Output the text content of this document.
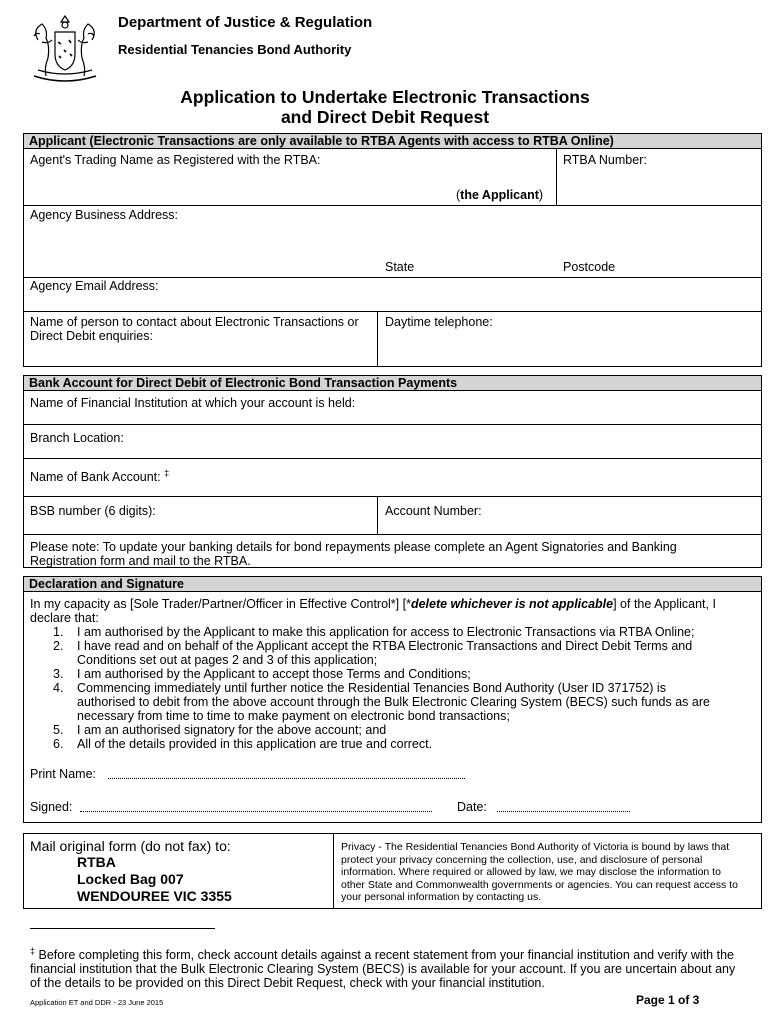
Department of Justice & Regulation
Residential Tenancies Bond Authority
Application to Undertake Electronic Transactions
and Direct Debit Request
Applicant (Electronic Transactions are only available to RTBA Agents with access to RTBA Online)
Agent's Trading Name as Registered with the RTBA:	RTBA Number:
(the Applicant)
Agency Business Address:
State	Postcode
Agency Email Address:
Name of person to contact about Electronic Transactions or Direct Debit enquiries:
Daytime telephone:
Bank Account for Direct Debit of Electronic Bond Transaction Payments
Name of Financial Institution at which your account is held:
Branch Location:
Name of Bank Account: ‡
BSB number (6 digits):	Account Number:
Please note: To update your banking details for bond repayments please complete an Agent Signatories and Banking Registration form and mail to the RTBA.
Declaration and Signature
In my capacity as [Sole Trader/Partner/Officer in Effective Control*] [*delete whichever is not applicable] of the Applicant, I declare that:
1. I am authorised by the Applicant to make this application for access to Electronic Transactions via RTBA Online;
2. I have read and on behalf of the Applicant accept the RTBA Electronic Transactions and Direct Debit Terms and Conditions set out at pages 2 and 3 of this application;
3. I am authorised by the Applicant to accept those Terms and Conditions;
4. Commencing immediately until further notice the Residential Tenancies Bond Authority (User ID 371752) is authorised to debit from the above account through the Bulk Electronic Clearing System (BECS) such funds as are necessary from time to time to make payment on electronic bond transactions;
5. I am an authorised signatory for the above account; and
6. All of the details provided in this application are true and correct.
Print Name:
Signed:	Date:
Mail original form (do not fax) to:
RTBA
Locked Bag 007
WENDOUREE VIC 3355
Privacy - The Residential Tenancies Bond Authority of Victoria is bound by laws that protect your privacy concerning the collection, use, and disclosure of personal information. Where required or allowed by law, we may disclose the information to other State and Commonwealth governments or agencies. You can request access to your personal information by contacting us.
‡ Before completing this form, check account details against a recent statement from your financial institution and verify with the financial institution that the Bulk Electronic Clearing System (BECS) is available for your account. If you are uncertain about any of the details to be provided on this Direct Debit Request, check with your financial institution.
Application ET and DDR - 23 June 2015	Page 1 of 3
